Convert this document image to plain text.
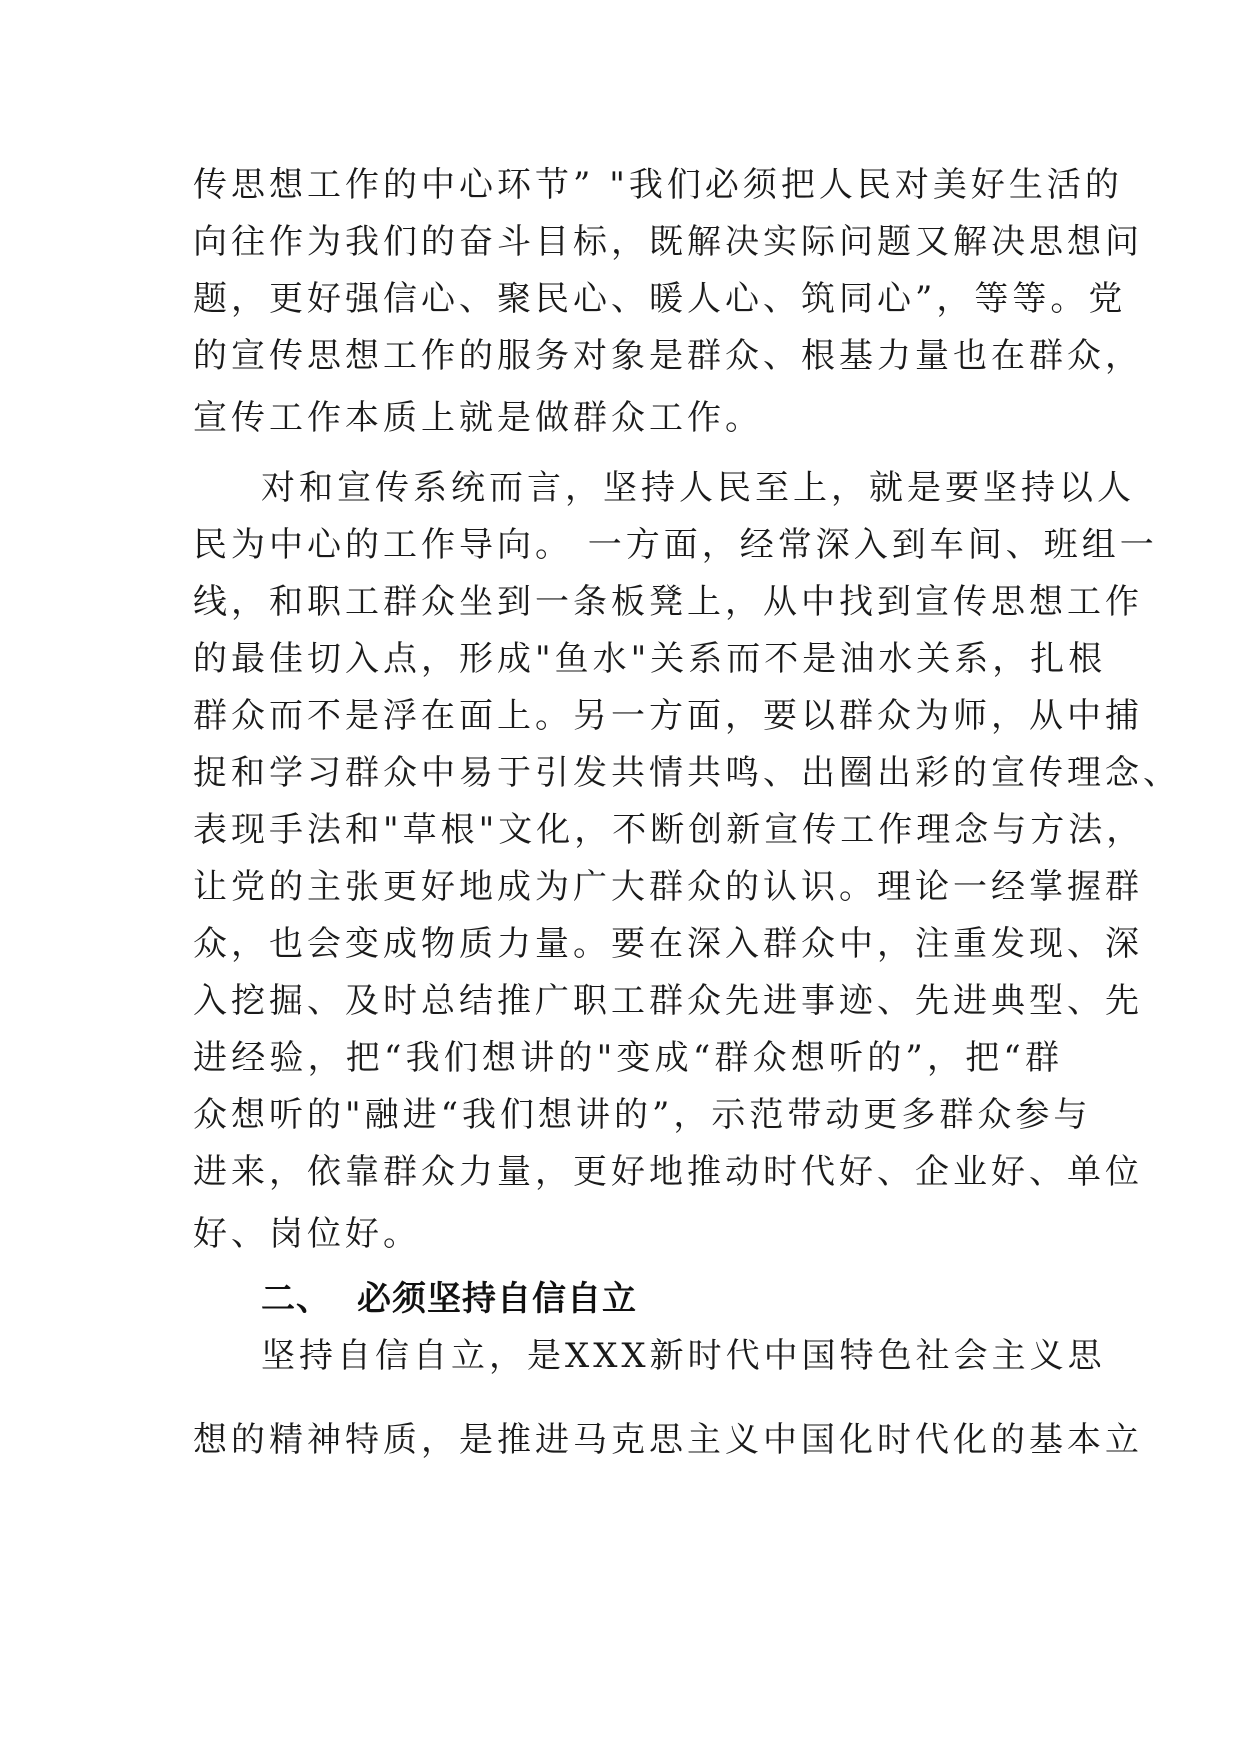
传思想工作的中心环节” "我们必须把人民对美好生活的
向往作为我们的奋斗目标，既解决实际问题又解决思想问
题，更好强信心、聚民心、暖人心、筑同心”，等等。党
的宣传思想工作的服务对象是群众、根基力量也在群众，
宣传工作本质上就是做群众工作。
对和宣传系统而言，坚持人民至上，就是要坚持以人
民为中心的工作导向。 一方面，经常深入到车间、班组一
线，和职工群众坐到一条板凳上，从中找到宣传思想工作
的最佳切入点，形成"鱼水"关系而不是油水关系，扎根
群众而不是浮在面上。另一方面，要以群众为师，从中捕
捉和学习群众中易于引发共情共鸣、出圈出彩的宣传理念、
表现手法和"草根"文化，不断创新宣传工作理念与方法，
让党的主张更好地成为广大群众的认识。理论一经掌握群
众，也会变成物质力量。要在深入群众中，注重发现、深
入挖掘、及时总结推广职工群众先进事迹、先进典型、先
进经验，把“我们想讲的"变成“群众想听的”，把“群
众想听的"融进“我们想讲的”，示范带动更多群众参与
进来，依靠群众力量，更好地推动时代好、企业好、单位
好、岗位好。
二、 必须坚持自信自立
坚持自信自立，是XXX新时代中国特色社会主义思
想的精神特质，是推进马克思主义中国化时代化的基本立
